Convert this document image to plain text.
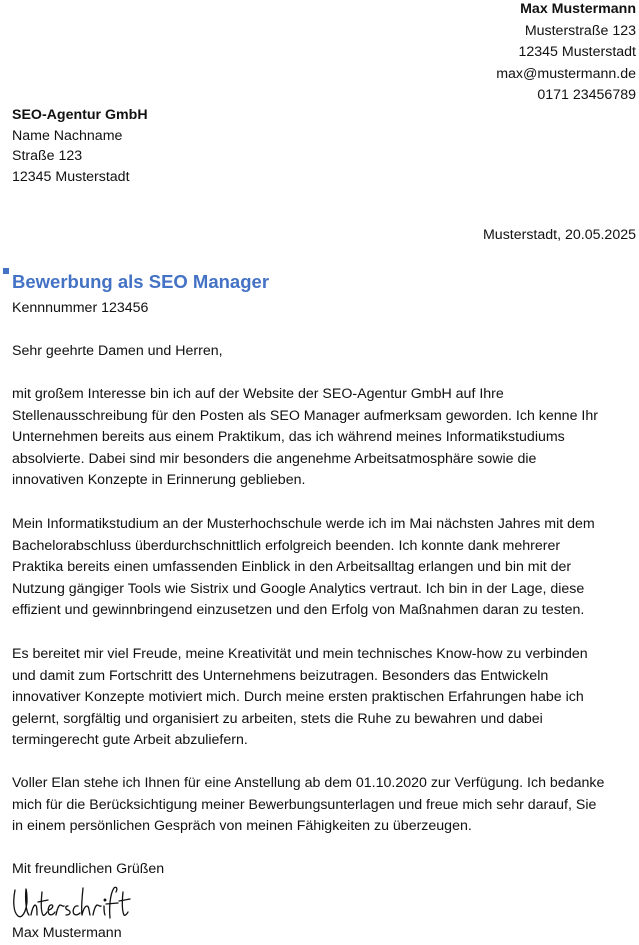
Max Mustermann
Musterstraße 123
12345 Musterstadt
max@mustermann.de
0171 23456789
SEO-Agentur GmbH
Name Nachname
Straße 123
12345 Musterstadt
Musterstadt, 20.05.2025
Bewerbung als SEO Manager
Kennnummer 123456
Sehr geehrte Damen und Herren,
mit großem Interesse bin ich auf der Website der SEO-Agentur GmbH auf Ihre
Stellenausschreibung für den Posten als SEO Manager aufmerksam geworden. Ich kenne Ihr
Unternehmen bereits aus einem Praktikum, das ich während meines Informatikstudiums
absolvierte. Dabei sind mir besonders die angenehme Arbeitsatmosphäre sowie die
innovativen Konzepte in Erinnerung geblieben.
Mein Informatikstudium an der Musterhochschule werde ich im Mai nächsten Jahres mit dem
Bachelorabschluss überdurchschnittlich erfolgreich beenden. Ich konnte dank mehrerer
Praktika bereits einen umfassenden Einblick in den Arbeitsalltag erlangen und bin mit der
Nutzung gängiger Tools wie Sistrix und Google Analytics vertraut. Ich bin in der Lage, diese
effizient und gewinnbringend einzusetzen und den Erfolg von Maßnahmen daran zu testen.
Es bereitet mir viel Freude, meine Kreativität und mein technisches Know-how zu verbinden
und damit zum Fortschritt des Unternehmens beizutragen. Besonders das Entwickeln
innovativer Konzepte motiviert mich. Durch meine ersten praktischen Erfahrungen habe ich
gelernt, sorgfältig und organisiert zu arbeiten, stets die Ruhe zu bewahren und dabei
termingerecht gute Arbeit abzuliefern.
Voller Elan stehe ich Ihnen für eine Anstellung ab dem 01.10.2020 zur Verfügung. Ich bedanke
mich für die Berücksichtigung meiner Bewerbungsunterlagen und freue mich sehr darauf, Sie
in einem persönlichen Gespräch von meinen Fähigkeiten zu überzeugen.
Mit freundlichen Grüßen
Max Mustermann
